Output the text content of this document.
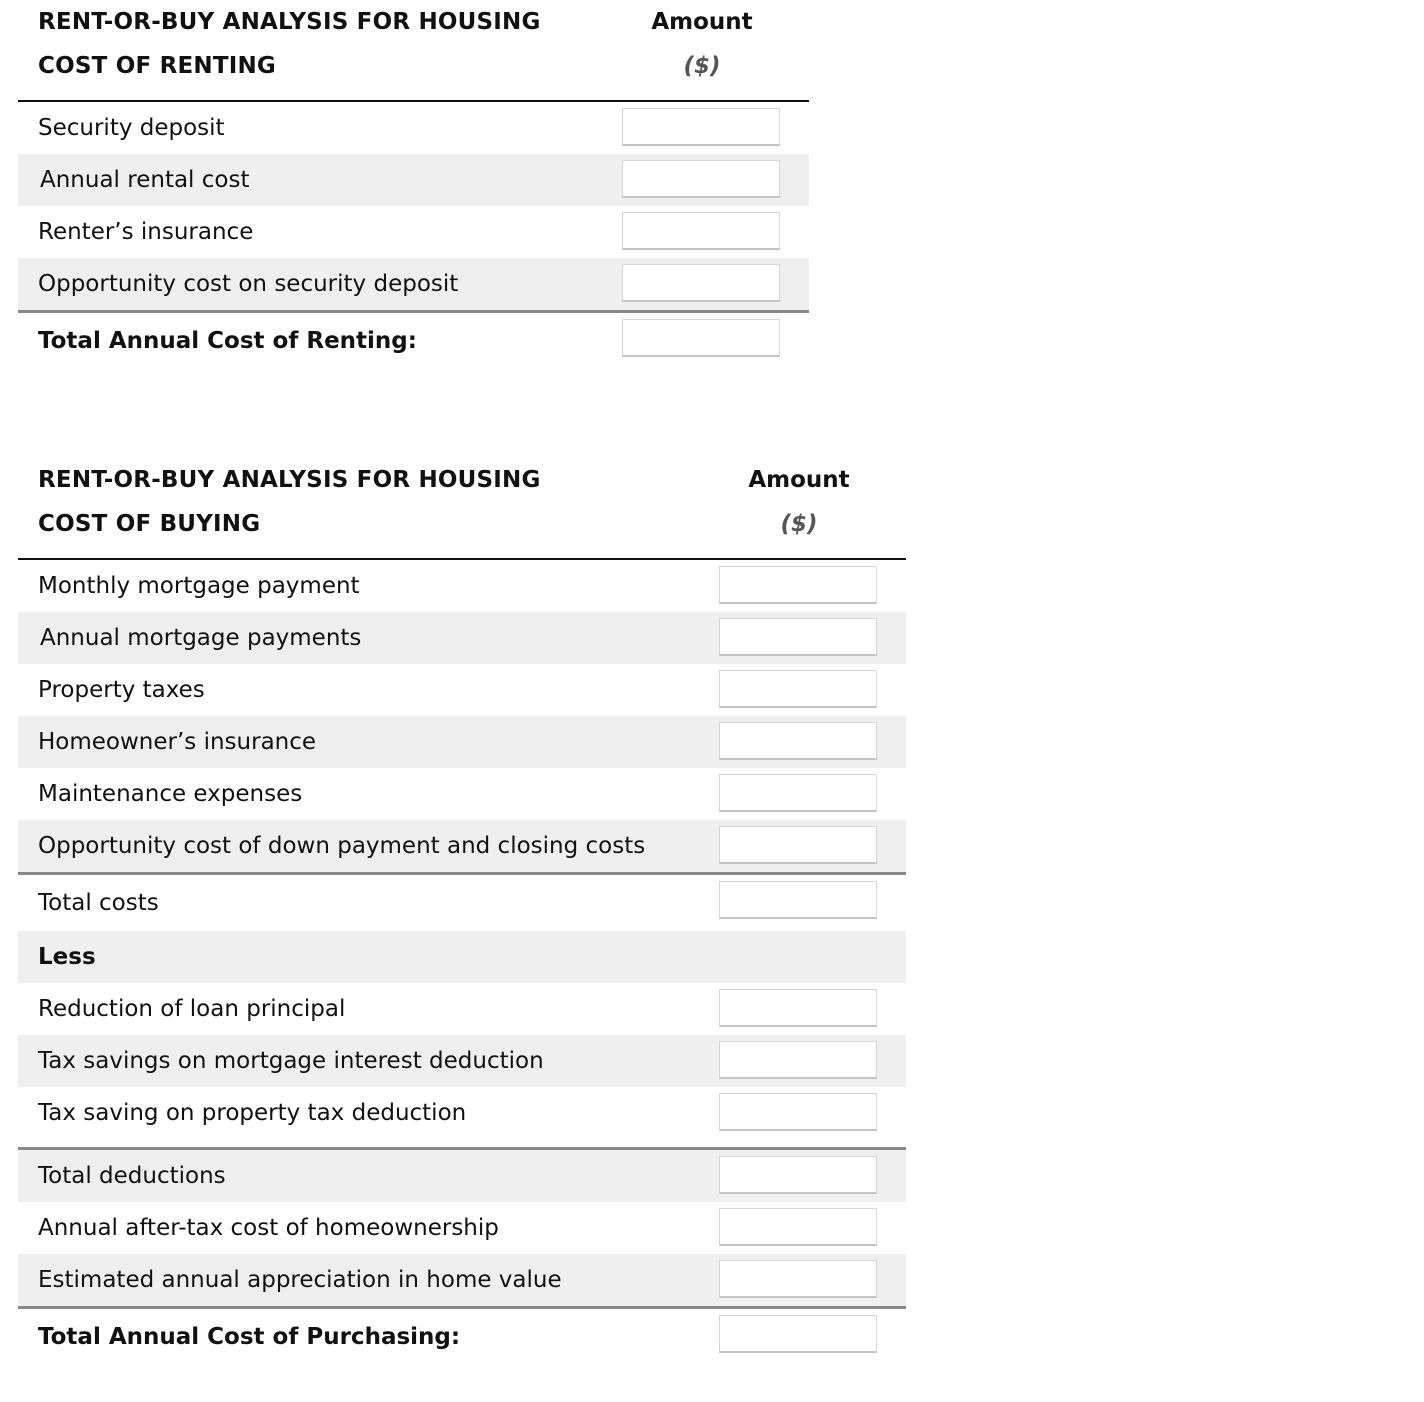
RENT-OR-BUY ANALYSIS FOR HOUSING	Amount
COST OF RENTING	($)
Security deposit
Annual rental cost
Renter’s insurance
Opportunity cost on security deposit
Total Annual Cost of Renting:
RENT-OR-BUY ANALYSIS FOR HOUSING	Amount
COST OF BUYING	($)
Monthly mortgage payment
Annual mortgage payments
Property taxes
Homeowner’s insurance
Maintenance expenses
Opportunity cost of down payment and closing costs
Total costs
Less
Reduction of loan principal
Tax savings on mortgage interest deduction
Tax saving on property tax deduction
Total deductions
Annual after-tax cost of homeownership
Estimated annual appreciation in home value
Total Annual Cost of Purchasing:
